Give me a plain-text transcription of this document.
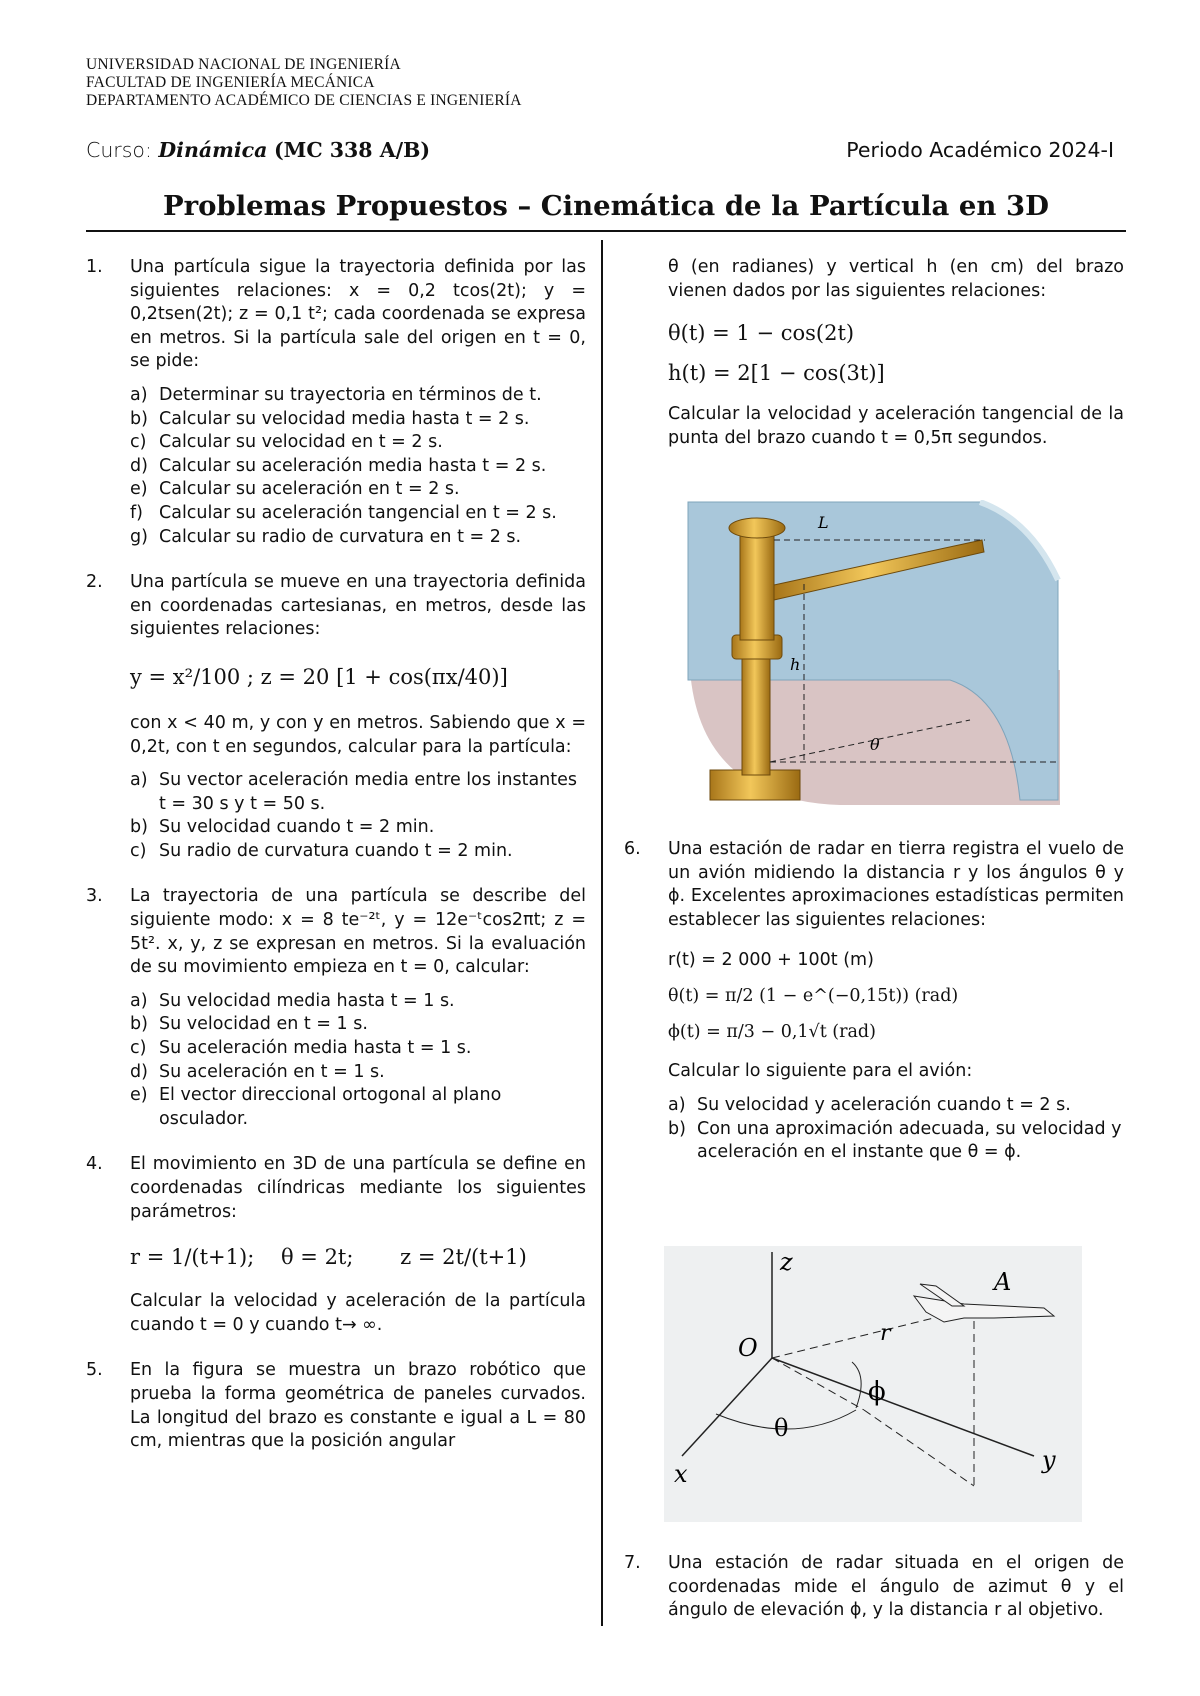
UNIVERSIDAD NACIONAL DE INGENIERÍA
FACULTAD DE INGENIERÍA MECÁNICA
DEPARTAMENTO ACADÉMICO DE CIENCIAS E INGENIERÍA
Curso: Dinámica (MC 338 A/B)	Periodo Académico 2024-I
Problemas Propuestos – Cinemática de la Partícula en 3D
1. Una partícula sigue la trayectoria definida por las siguientes relaciones: x = 0,2 tcos(2t); y = 0,2tsen(2t); z = 0,1 t²; cada coordenada se expresa en metros. Si la partícula sale del origen en t = 0, se pide:

a) Determinar su trayectoria en términos de t.
b) Calcular su velocidad media hasta t = 2 s.
c) Calcular su velocidad en t = 2 s.
d) Calcular su aceleración media hasta t = 2 s.
e) Calcular su aceleración en t = 2 s.
f) Calcular su aceleración tangencial en t = 2 s.
g) Calcular su radio de curvatura en t = 2 s.
2. Una partícula se mueve en una trayectoria definida en coordenadas cartesianas, en metros, desde las siguientes relaciones:

y = x²/100 ; z = 20 [1 + cos(πx/40)]

con x < 40 m, y con y en metros. Sabiendo que x = 0,2t, con t en segundos, calcular para la partícula:

a) Su vector aceleración media entre los instantes t = 30 s y t = 50 s.
b) Su velocidad cuando t = 2 min.
c) Su radio de curvatura cuando t = 2 min.
3. La trayectoria de una partícula se describe del siguiente modo: x = 8 te⁻²ᵗ, y = 12e⁻ᵗcos2πt; z = 5t². x, y, z se expresan en metros. Si la evaluación de su movimiento empieza en t = 0, calcular:

a) Su velocidad media hasta t = 1 s.
b) Su velocidad en t = 1 s.
c) Su aceleración media hasta t = 1 s.
d) Su aceleración en t = 1 s.
e) El vector direccional ortogonal al plano osculador.
4. El movimiento en 3D de una partícula se define en coordenadas cilíndricas mediante los siguientes parámetros:

r = 1/(t+1);    θ = 2t;       z = 2t/(t+1)

Calcular la velocidad y aceleración de la partícula cuando t = 0 y cuando t→ ∞.

5. En la figura se muestra un brazo robótico que prueba la forma geométrica de paneles curvados. La longitud del brazo es constante e igual a L = 80 cm, mientras que la posición angular

θ (en radianes) y vertical h (en cm) del brazo vienen dados por las siguientes relaciones:

θ(t) = 1 − cos(2t)

h(t) = 2[1 − cos(3t)]

Calcular la velocidad y aceleración tangencial de la punta del brazo cuando t = 0,5π segundos.

L
h
θ
6. Una estación de radar en tierra registra el vuelo de un avión midiendo la distancia r y los ángulos θ y ϕ. Excelentes aproximaciones estadísticas permiten establecer las siguientes relaciones:

r(t) = 2 000 + 100t (m)

θ(t) = π/2 (1 − e^(−0,15t)) (rad)

ϕ(t) = π/3 − 0,1√t (rad)

Calcular lo siguiente para el avión:

a) Su velocidad y aceleración cuando t = 2 s.
b) Con una aproximación adecuada, su velocidad y aceleración en el instante que θ = ϕ.
z
A
O
r
ϕ
θ
x	y
7. Una estación de radar situada en el origen de coordenadas mide el ángulo de azimut θ y el ángulo de elevación ϕ, y la distancia r al objetivo.
